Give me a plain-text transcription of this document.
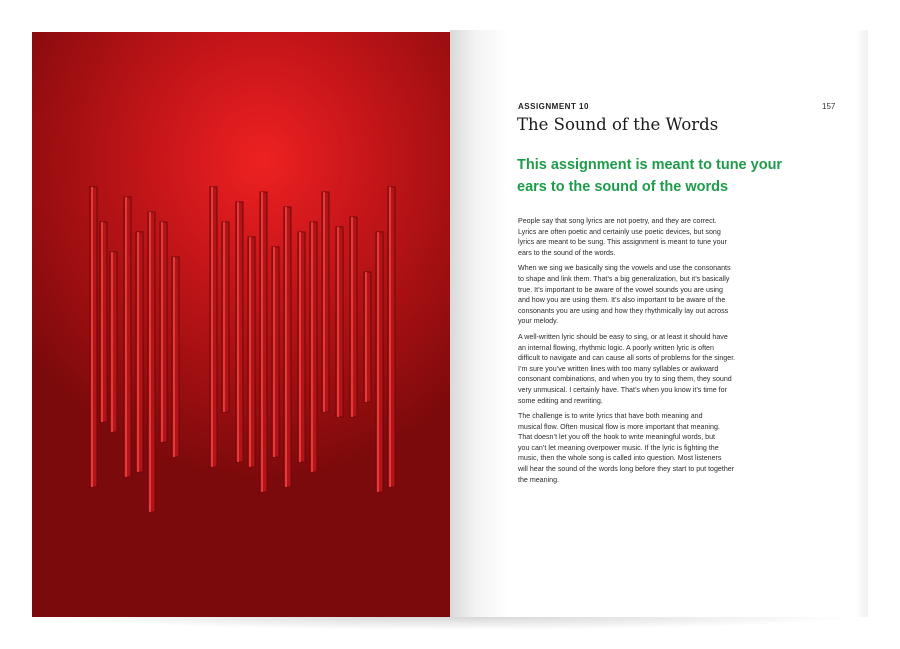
ASSIGNMENT 10	157
The Sound of the Words
This assignment is meant to tune your
ears to the sound of the words

People say that song lyrics are not poetry, and they are correct.
Lyrics are often poetic and certainly use poetic devices, but song
lyrics are meant to be sung. This assignment is meant to tune your
ears to the sound of the words.

When we sing we basically sing the vowels and use the consonants
to shape and link them. That’s a big generalization, but it’s basically
true. It’s important to be aware of the vowel sounds you are using
and how you are using them. It’s also important to be aware of the
consonants you are using and how they rhythmically lay out across
your melody.

A well-written lyric should be easy to sing, or at least it should have
an internal flowing, rhythmic logic. A poorly written lyric is often
difficult to navigate and can cause all sorts of problems for the singer.
I’m sure you’ve written lines with too many syllables or awkward
consonant combinations, and when you try to sing them, they sound
very unmusical. I certainly have. That’s when you know it’s time for
some editing and rewriting.

The challenge is to write lyrics that have both meaning and
musical flow. Often musical flow is more important that meaning.
That doesn’t let you off the hook to write meaningful words, but
you can’t let meaning overpower music. If the lyric is fighting the
music, then the whole song is called into question. Most listeners
will hear the sound of the words long before they start to put together
the meaning.
